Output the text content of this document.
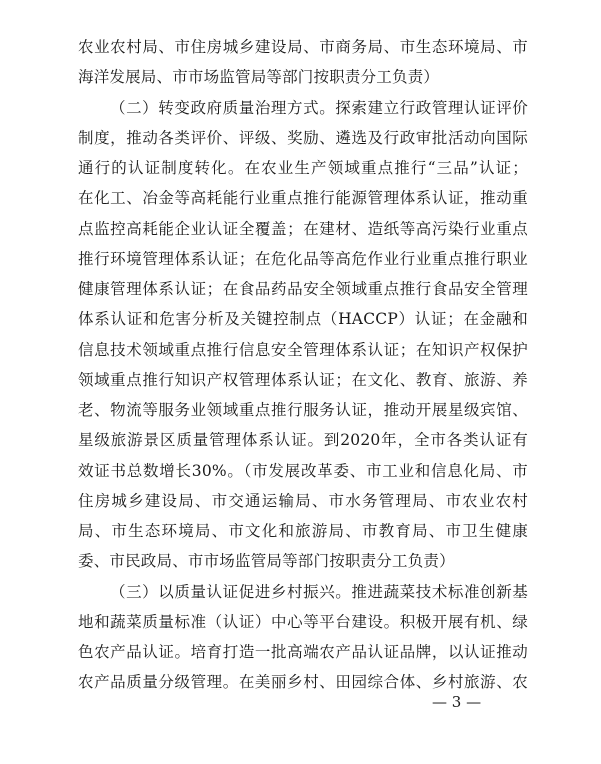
农业农村局、市住房城乡建设局、市商务局、市生态环境局、市
海洋发展局、市市场监管局等部门按职责分工负责）
（二）转变政府质量治理方式。探索建立行政管理认证评价
制度，推动各类评价、评级、奖励、遴选及行政审批活动向国际
通行的认证制度转化。在农业生产领域重点推行“三品”认证；
在化工、冶金等高耗能行业重点推行能源管理体系认证，推动重
点监控高耗能企业认证全覆盖；在建材、造纸等高污染行业重点
推行环境管理体系认证；在危化品等高危作业行业重点推行职业
健康管理体系认证；在食品药品安全领域重点推行食品安全管理
体系认证和危害分析及关键控制点（HACCP）认证；在金融和
信息技术领域重点推行信息安全管理体系认证；在知识产权保护
领域重点推行知识产权管理体系认证；在文化、教育、旅游、养
老、物流等服务业领域重点推行服务认证，推动开展星级宾馆、
星级旅游景区质量管理体系认证。到2020年，全市各类认证有
效证书总数增长30%。（市发展改革委、市工业和信息化局、市
住房城乡建设局、市交通运输局、市水务管理局、市农业农村
局、市生态环境局、市文化和旅游局、市教育局、市卫生健康
委、市民政局、市市场监管局等部门按职责分工负责）
（三）以质量认证促进乡村振兴。推进蔬菜技术标准创新基
地和蔬菜质量标准（认证）中心等平台建设。积极开展有机、绿
色农产品认证。培育打造一批高端农产品认证品牌，以认证推动
农产品质量分级管理。在美丽乡村、田园综合体、乡村旅游、农
— 3 —
